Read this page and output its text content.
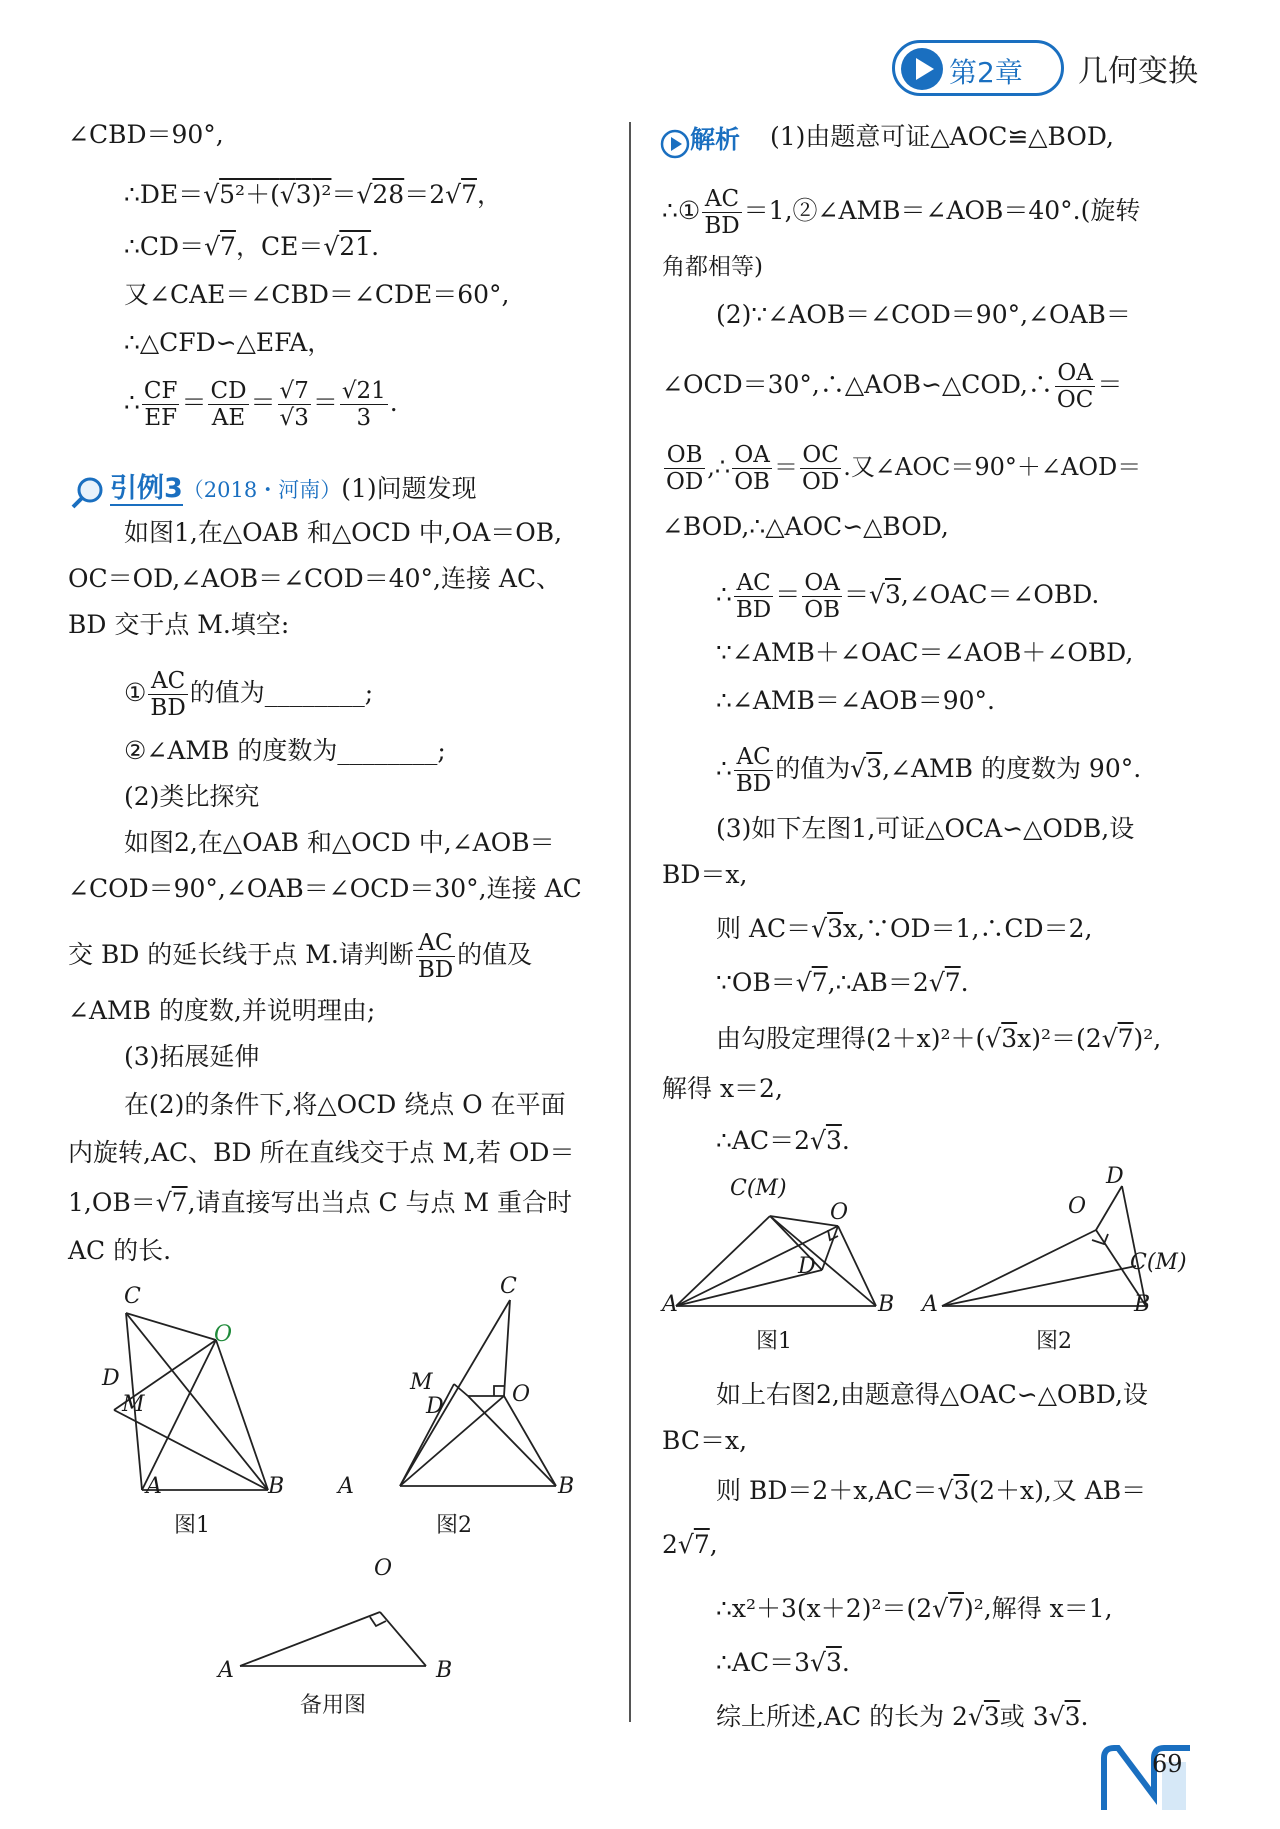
第2章 几何变换
∠CBD＝90°,
∴DE＝√5²＋(√3)²＝√28＝2√7，
∴CD＝√7，CE＝√21.
又∠CAE＝∠CBD＝∠CDE＝60°,
∴△CFD∽△EFA，
∴ $\frac{CF}{EF} = \frac{CD}{AE} = \frac{√7}{√3} = \frac{√21}{3}$ .
引例3（2018・河南）(1)问题发现
如图1,在△OAB 和△OCD 中,OA＝OB,
OC＝OD,∠AOB＝∠COD＝40°,连接 AC、
BD 交于点 M.填空:
① $\frac{AC}{BD}$ 的值为________;
②∠AMB 的度数为________;
(2)类比探究
如图2,在△OAB 和△OCD 中,∠AOB＝
∠COD＝90°,∠OAB＝∠OCD＝30°,连接 AC
交 BD 的延长线于点 M.请判断 $\frac{AC}{BD}$ 的值及
∠AMB 的度数,并说明理由;
(3)拓展延伸
在(2)的条件下,将△OCD 绕点 O 在平面
内旋转,AC、BD 所在直线交于点 M,若 OD＝
1,OB＝√7,请直接写出当点 C 与点 M 重合时
AC 的长.
C
O
D
M
A	B
C
M
D	O
A	B
O
A	B
图1	图2
备用图
解析 (1)由题意可证△AOC≌△BOD,
∴① $\frac{AC}{BD}$ ＝1,②∠AMB＝∠AOB＝40°.(旋转
角都相等)
(2)∵∠AOB＝∠COD＝90°,∠OAB＝
∠OCD＝30°,∴△AOB∽△COD,∴ $\frac{OA}{OC}$ ＝
$\frac{OB}{OD}$ ,∴ $\frac{OA}{OB} = \frac{OC}{OD}$ .又∠AOC＝90°＋∠AOD＝
∠BOD,∴△AOC∽△BOD,
∴ $\frac{AC}{BD} = \frac{OA}{OB}$ ＝√3,∠OAC＝∠OBD.
∵∠AMB＋∠OAC＝∠AOB＋∠OBD,
∴∠AMB＝∠AOB＝90°.
∴ $\frac{AC}{BD}$ 的值为√3,∠AMB 的度数为 90°.
(3)如下左图1,可证△OCA∽△ODB,设
BD＝x,
则 AC＝√3x,∵OD＝1,∴CD＝2,
∵OB＝√7,∴AB＝2√7.
由勾股定理得(2＋x)²＋(√3x)²＝(2√7)²,
解得 x＝2,
∴AC＝2√3.
C(M)
O
D
A	B
D
O
C(M)
A	B
图1	图2
如上右图2,由题意得△OAC∽△OBD,设
BC＝x,
则 BD＝2＋x,AC＝√3(2＋x),又 AB＝
2√7,
∴x²＋3(x＋2)²＝(2√7)²,解得 x＝1,
∴AC＝3√3.
综上所述,AC 的长为 2√3或 3√3.
69
